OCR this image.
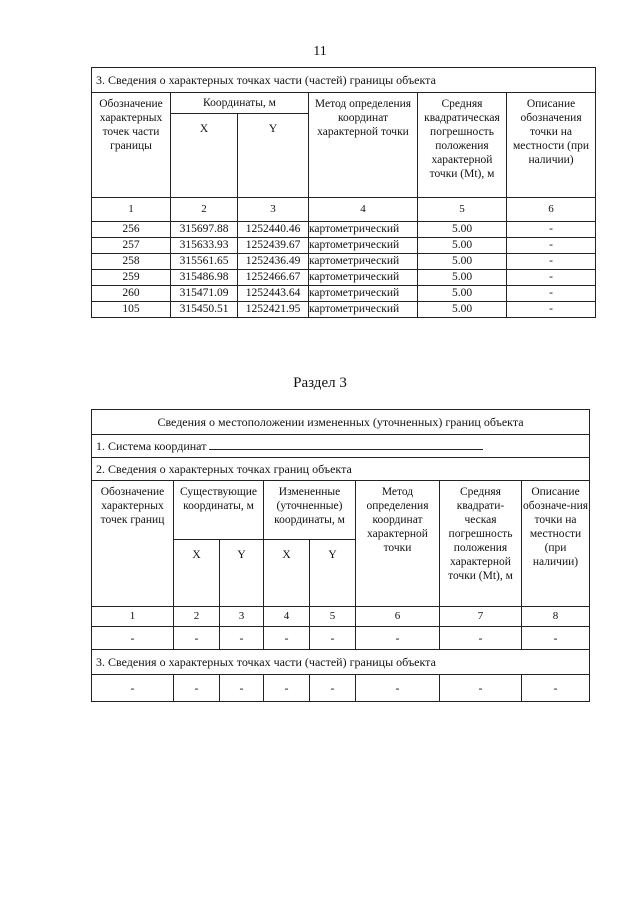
11
3. Сведения о характерных точках части (частей) границы объекта					
Обозначение характерных точек части границы	Координаты, м		Метод определения координат характерной точки	Средняя квадратическая погрешность положения характерной точки (Mt), м	Описание обозначения точки на местности (при наличии)
	X	Y			
1	2	3	4	5	6
256	315697.88	1252440.46	картометрический	5.00	-
257	315633.93	1252439.67	картометрический	5.00	-
258	315561.65	1252436.49	картометрический	5.00	-
259	315486.98	1252466.67	картометрический	5.00	-
260	315471.09	1252443.64	картометрический	5.00	-
105	315450.51	1252421.95	картометрический	5.00	-
Раздел 3
Сведения о местоположении измененных (уточненных) границ объекта							
1. Система координат							
2. Сведения о характерных точках границ объекта							
Обозначение характерных точек границ	Существующие координаты, м		Измененные (уточненные) координаты, м		Метод определения координат характерной точки	Средняя квадрати-ческая погрешность положения характерной точки (Mt), м	Описание обозначе-ния точки на местности (при наличии)
	X	Y	X	Y			
1	2	3	4	5	6	7	8
-	-	-	-	-	-	-	-
3. Сведения о характерных точках части (частей) границы объекта							
-	-	-	-	-	-	-	-
